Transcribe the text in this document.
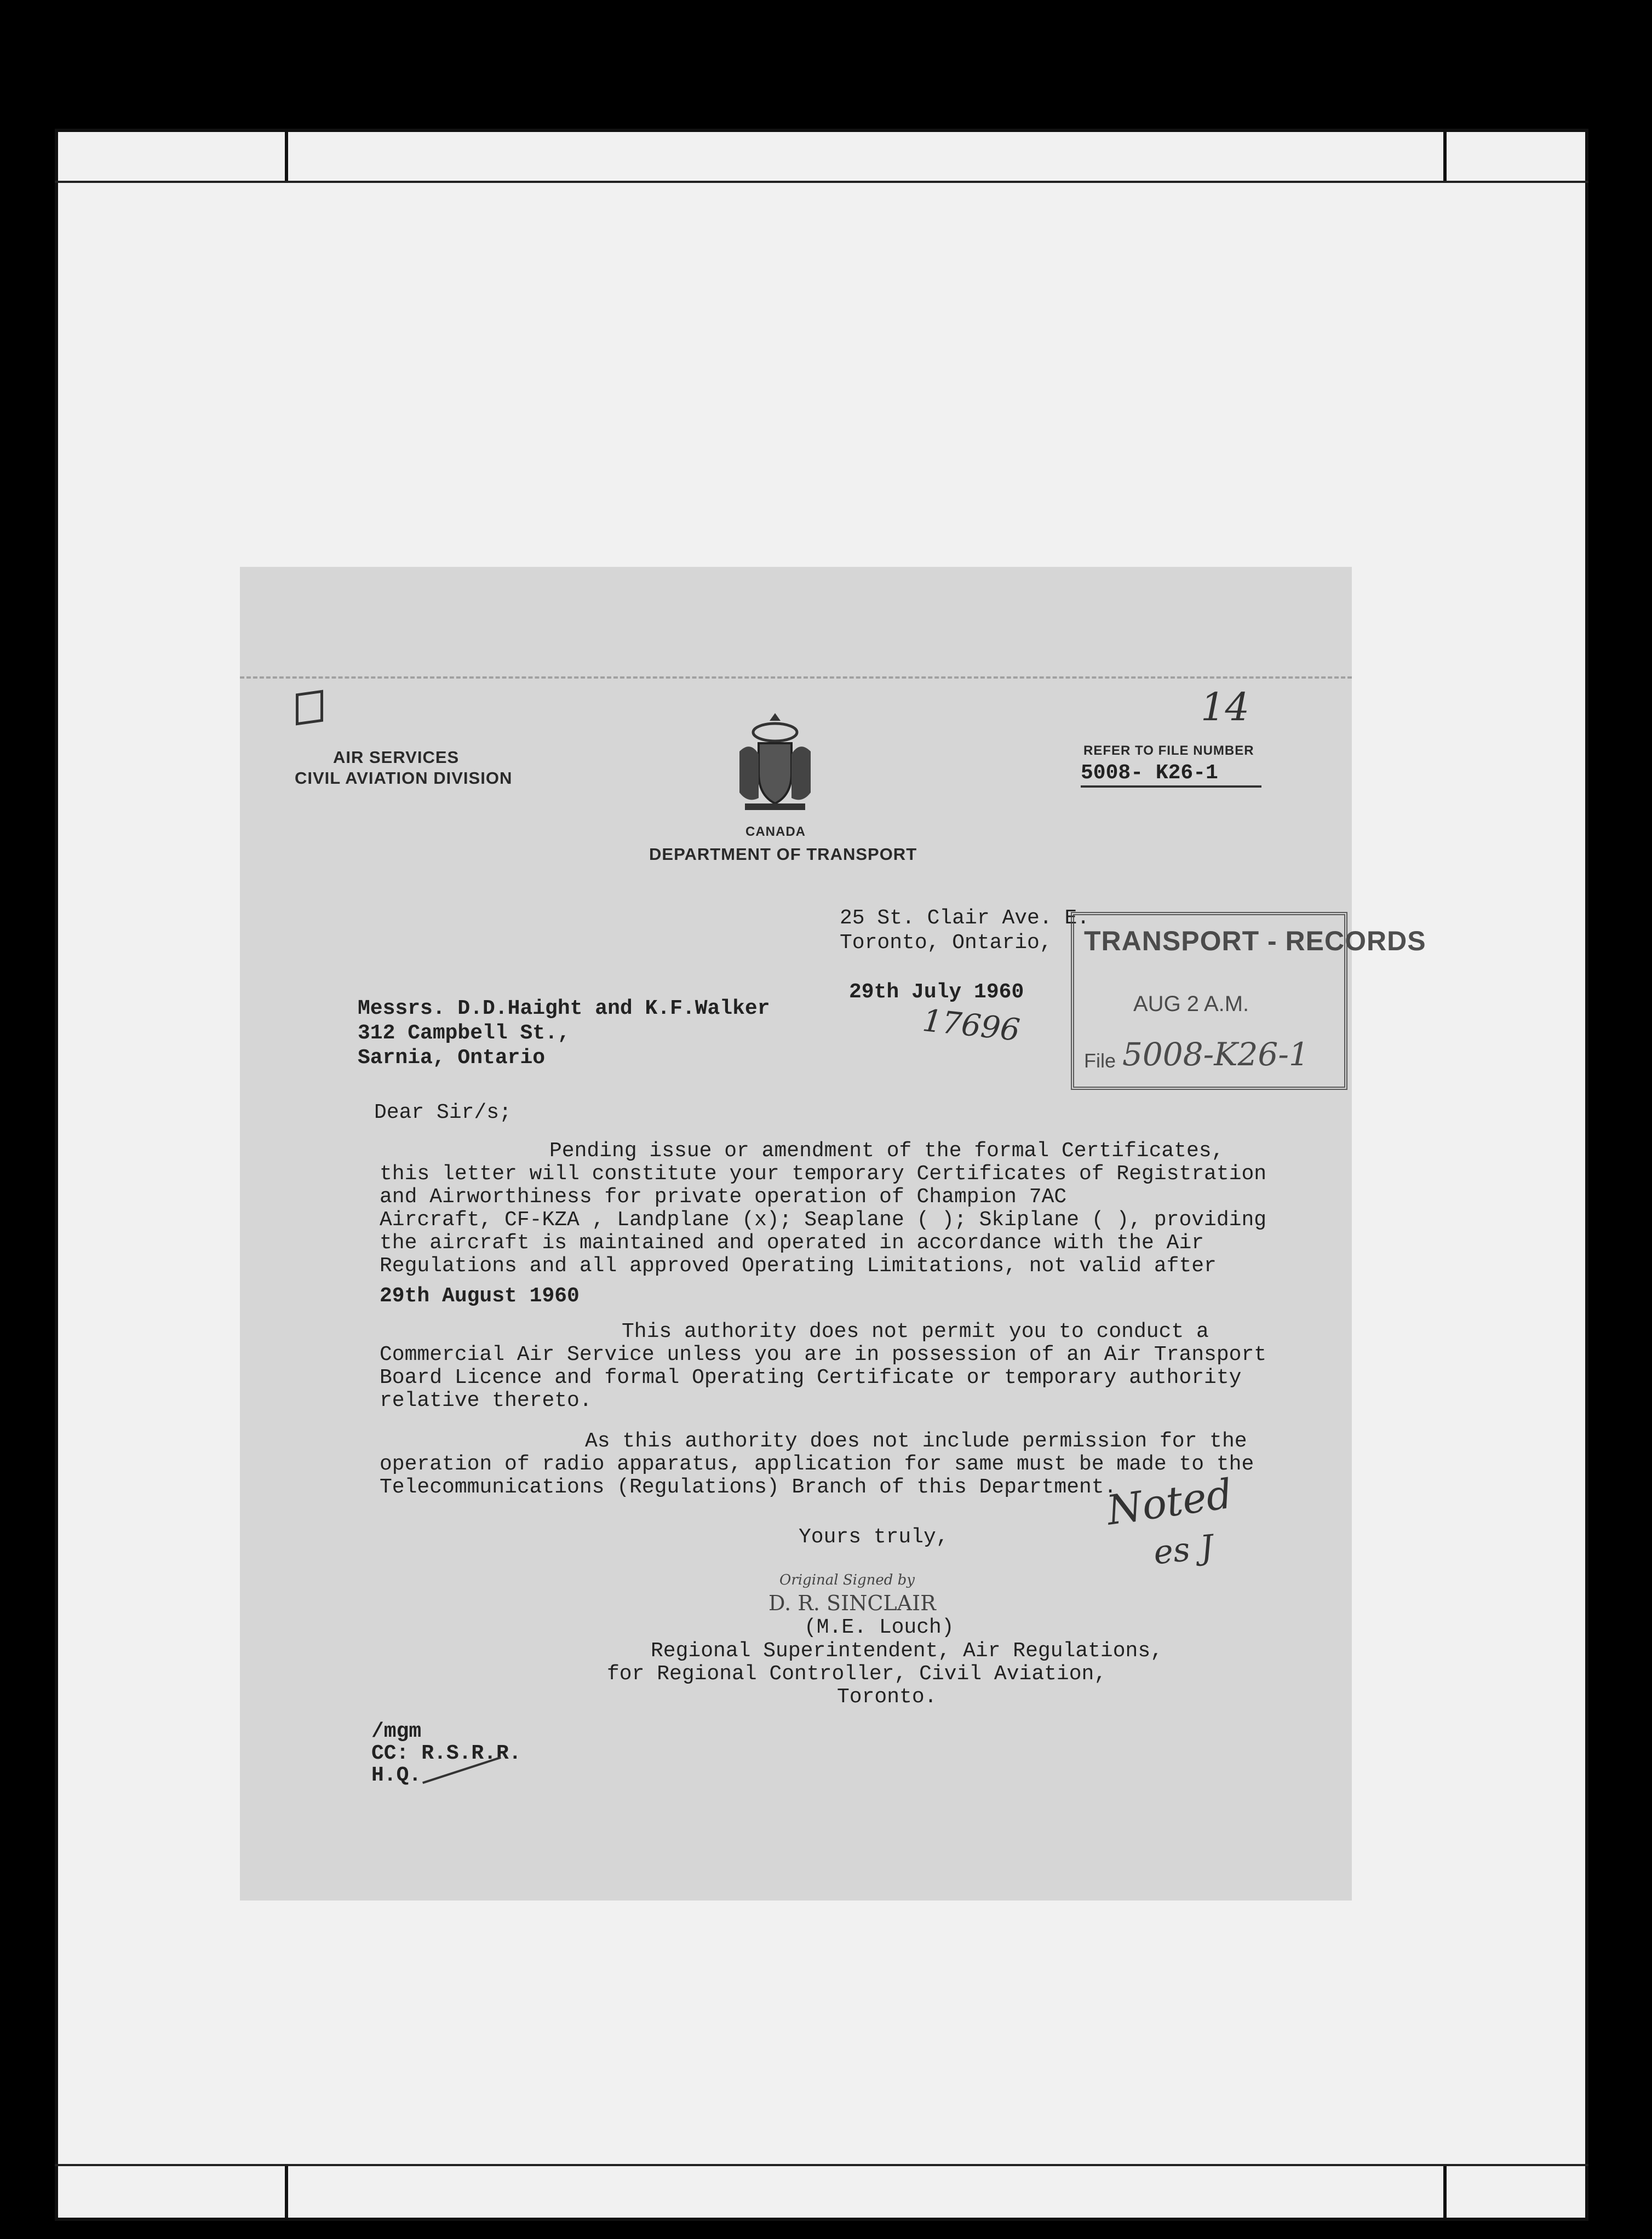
AIR SERVICES
CIVIL AVIATION DIVISION
CANADA
DEPARTMENT OF TRANSPORT
14
REFER TO FILE NUMBER
5008- K26-1
25 St. Clair Ave. E.
Toronto, Ontario,
29th July 1960
17696
TRANSPORT - RECORDS
AUG 2 A.M.
File 5008-K26-1
Messrs. D.D.Haight and K.F.Walker
312 Campbell St.,
Sarnia, Ontario
Dear Sir/s;
Pending issue or amendment of the formal Certificates,
this letter will constitute your temporary Certificates of Registration
and Airworthiness for private operation of Champion 7AC
Aircraft, CF-KZA , Landplane (x); Seaplane ( ); Skiplane ( ), providing
the aircraft is maintained and operated in accordance with the Air
Regulations and all approved Operating Limitations, not valid after
29th August 1960
This authority does not permit you to conduct a
Commercial Air Service unless you are in possession of an Air Transport
Board Licence and formal Operating Certificate or temporary authority
relative thereto.
As this authority does not include permission for the
operation of radio apparatus, application for same must be made to the
Telecommunications (Regulations) Branch of this Department.
Noted
es J
Yours truly,
Original Signed by
D. R. SINCLAIR
(M.E. Louch)
Regional Superintendent, Air Regulations,
for Regional Controller, Civil Aviation,
Toronto.
/mgm
CC: R.S.R.R.
H.Q.
